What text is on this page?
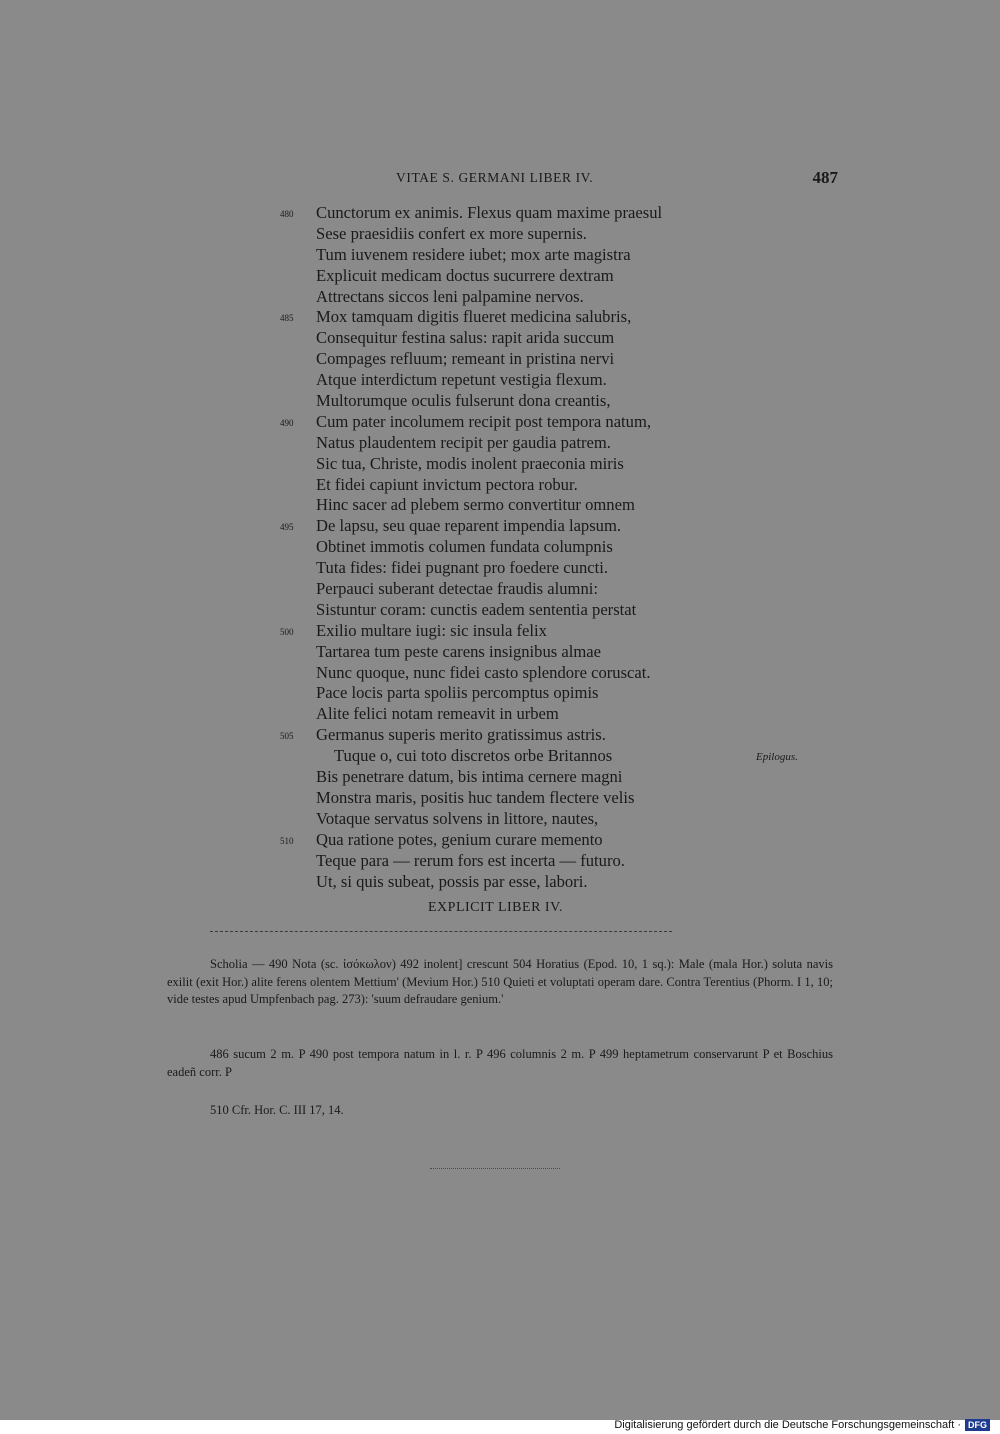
VITAE S. GERMANI LIBER IV.	487
480	Cunctorum ex animis. Flexus quam maxime praesul
Sese praesidiis confert ex more supernis.
Tum iuvenem residere iubet; mox arte magistra
Explicuit medicam doctus sucurrere dextram
Attrectans siccos leni palpamine nervos.
485	Mox tamquam digitis flueret medicina salubris,
Consequitur festina salus: rapit arida succum
Compages refluum; remeant in pristina nervi
Atque interdictum repetunt vestigia flexum.
Multorumque oculis fulserunt dona creantis,
490	Cum pater incolumem recipit post tempora natum,
Natus plaudentem recipit per gaudia patrem.
Sic tua, Christe, modis inolent praeconia miris
Et fidei capiunt invictum pectora robur.
Hinc sacer ad plebem sermo convertitur omnem
495	De lapsu, seu quae reparent impendia lapsum.
Obtinet immotis columen fundata columpnis
Tuta fides: fidei pugnant pro foedere cuncti.
Perpauci suberant detectae fraudis alumni:
Sistuntur coram: cunctis eadem sententia perstat
500	Exilio multare iugi: sic insula felix
Tartarea tum peste carens insignibus almae
Nunc quoque, nunc fidei casto splendore coruscat.
Pace locis parta spoliis percomptus opimis
Alite felici notam remeavit in urbem
505	Germanus superis merito gratissimus astris.
Tuque o, cui toto discretos orbe Britannos
Bis penetrare datum, bis intima cernere magni
Monstra maris, positis huc tandem flectere velis
Votaque servatus solvens in littore, nautes,
510	Qua ratione potes, genium curare memento
Teque para — rerum fors est incerta — futuro.
Ut, si quis subeat, possis par esse, labori.
Epilogus.
EXPLICIT LIBER IV.

Scholia — 490 Nota (sc. ἰσόκωλον) 492 inolent] crescunt 504 Horatius (Epod. 10, 1 sq.): Male (mala Hor.) soluta navis exilit (exit Hor.) alite ferens olentem Mettium' (Mevium Hor.) 510 Quieti et voluptati operam dare. Contra Terentius (Phorm. I 1, 10; vide testes apud Umpfenbach pag. 273): 'suum defraudare genium.'

486 sucum 2 m. P 490 post tempora natum in l. r. P 496 columnis 2 m. P 499 heptametrum conservarunt P et Boschius eadeñ corr. P

510 Cfr. Hor. C. III 17, 14.

Digitalisierung gefördert durch die Deutsche Forschungsgemeinschaft · DFG
